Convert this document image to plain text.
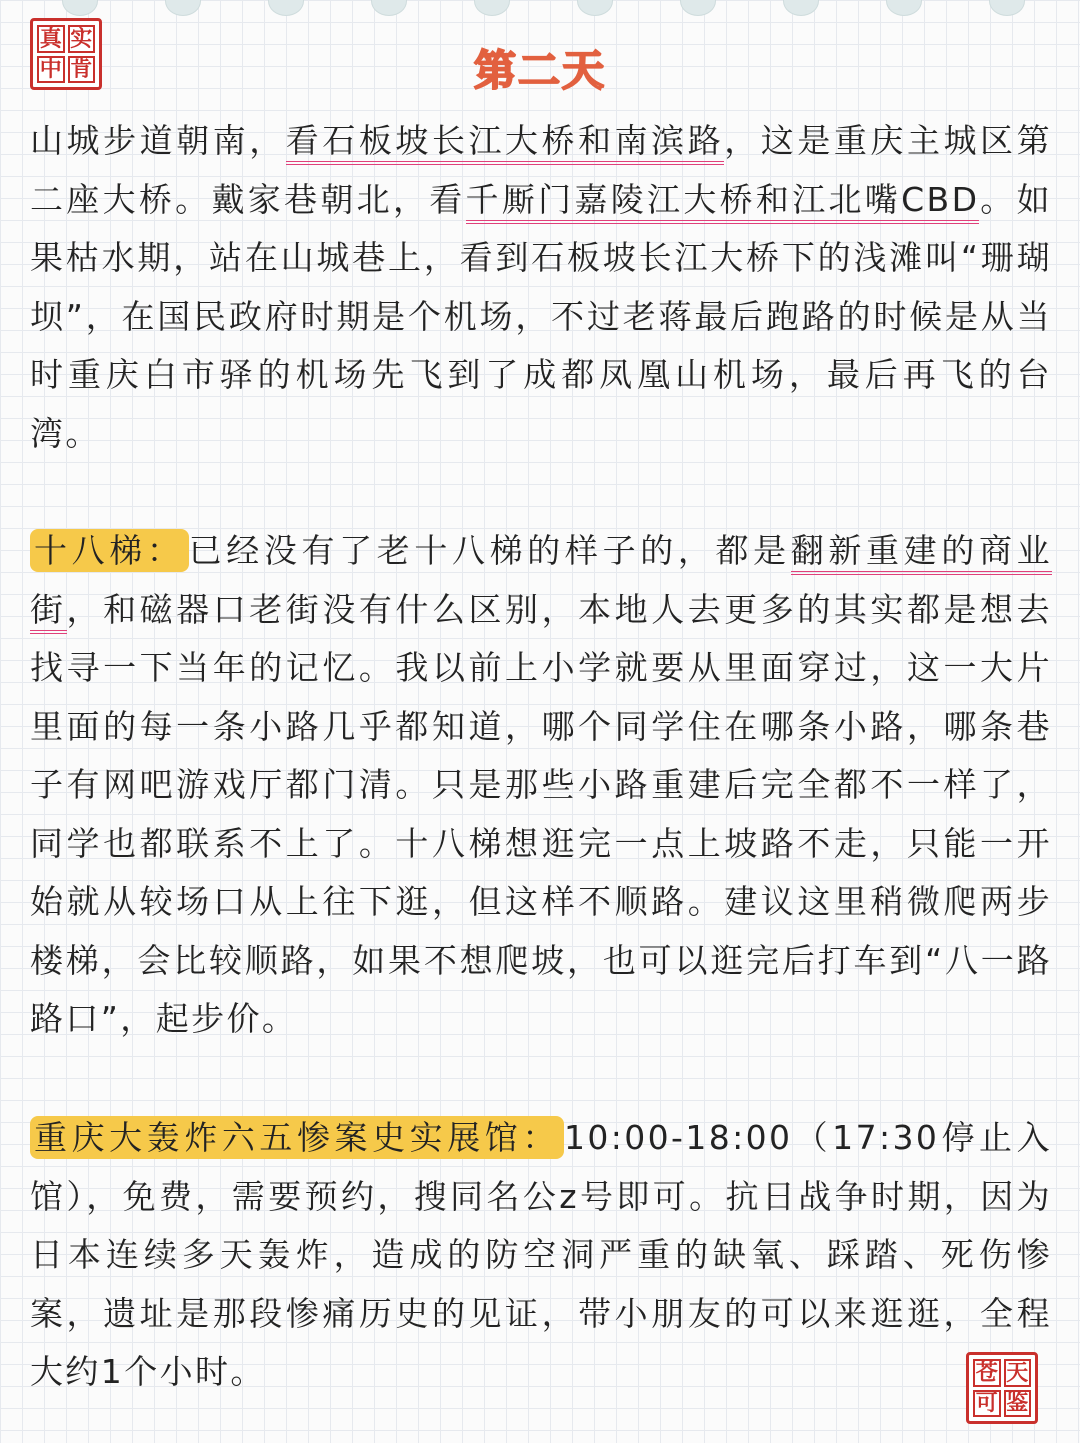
真 实
中 肯	第二天

山城步道朝南，看石板坡长江大桥和南滨路，这是重庆主城区第二座大桥。戴家巷朝北，看千厮门嘉陵江大桥和江北嘴CBD。如果枯水期，站在山城巷上，看到石板坡长江大桥下的浅滩叫“珊瑚坝”，在国民政府时期是个机场，不过老蒋最后跑路的时候是从当时重庆白市驿的机场先飞到了成都凤凰山机场，最后再飞的台湾。

十八梯： 已经没有了老十八梯的样子的，都是翻新重建的商业街，和磁器口老街没有什么区别，本地人去更多的其实都是想去找寻一下当年的记忆。我以前上小学就要从里面穿过，这一大片里面的每一条小路几乎都知道，哪个同学住在哪条小路，哪条巷子有网吧游戏厅都门清。只是那些小路重建后完全都不一样了，同学也都联系不上了。十八梯想逛完一点上坡路不走，只能一开始就从较场口从上往下逛，但这样不顺路。建议这里稍微爬两步楼梯，会比较顺路，如果不想爬坡，也可以逛完后打车到“八一路路口”，起步价。

重庆大轰炸六五惨案史实展馆： 10:00-18:00（17:30停止入馆），免费，需要预约，搜同名公z号即可。抗日战争时期，因为日本连续多天轰炸，造成的防空洞严重的缺氧、踩踏、死伤惨案，遗址是那段惨痛历史的见证，带小朋友的可以来逛逛，全程大约1个小时。	苍 天
可 鉴
